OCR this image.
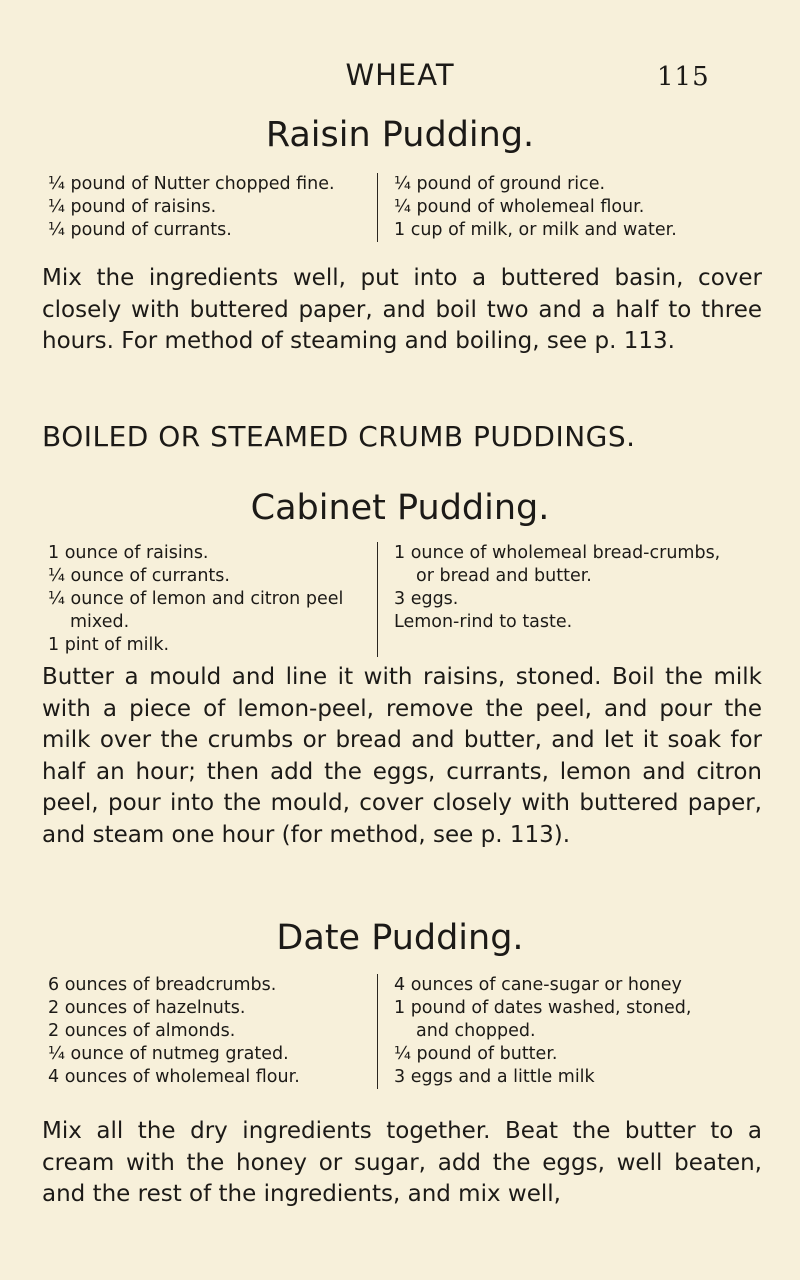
WHEAT	115
Raisin Pudding.
¼ pound of Nutter chopped fine.
¼ pound of raisins.
¼ pound of currants.
¼ pound of ground rice.
¼ pound of wholemeal flour.
1 cup of milk, or milk and water.
Mix the ingredients well, put into a buttered basin, cover closely with buttered paper, and boil two and a half to three hours. For method of steaming and boiling, see p. 113.
BOILED OR STEAMED CRUMB PUDDINGS.
Cabinet Pudding.
1 ounce of raisins.
¼ ounce of currants.
¼ ounce of lemon and citron peel mixed.
1 pint of milk.
1 ounce of wholemeal bread-crumbs, or bread and butter.
3 eggs.
Lemon-rind to taste.
Butter a mould and line it with raisins, stoned. Boil the milk with a piece of lemon-peel, remove the peel, and pour the milk over the crumbs or bread and butter, and let it soak for half an hour; then add the eggs, currants, lemon and citron peel, pour into the mould, cover closely with buttered paper, and steam one hour (for method, see p. 113).
Date Pudding.
6 ounces of breadcrumbs.
2 ounces of hazelnuts.
2 ounces of almonds.
¼ ounce of nutmeg grated.
4 ounces of wholemeal flour.
4 ounces of cane-sugar or honey
1 pound of dates washed, stoned, and chopped.
¼ pound of butter.
3 eggs and a little milk
Mix all the dry ingredients together. Beat the butter to a cream with the honey or sugar, add the eggs, well beaten, and the rest of the ingredients, and mix well,
